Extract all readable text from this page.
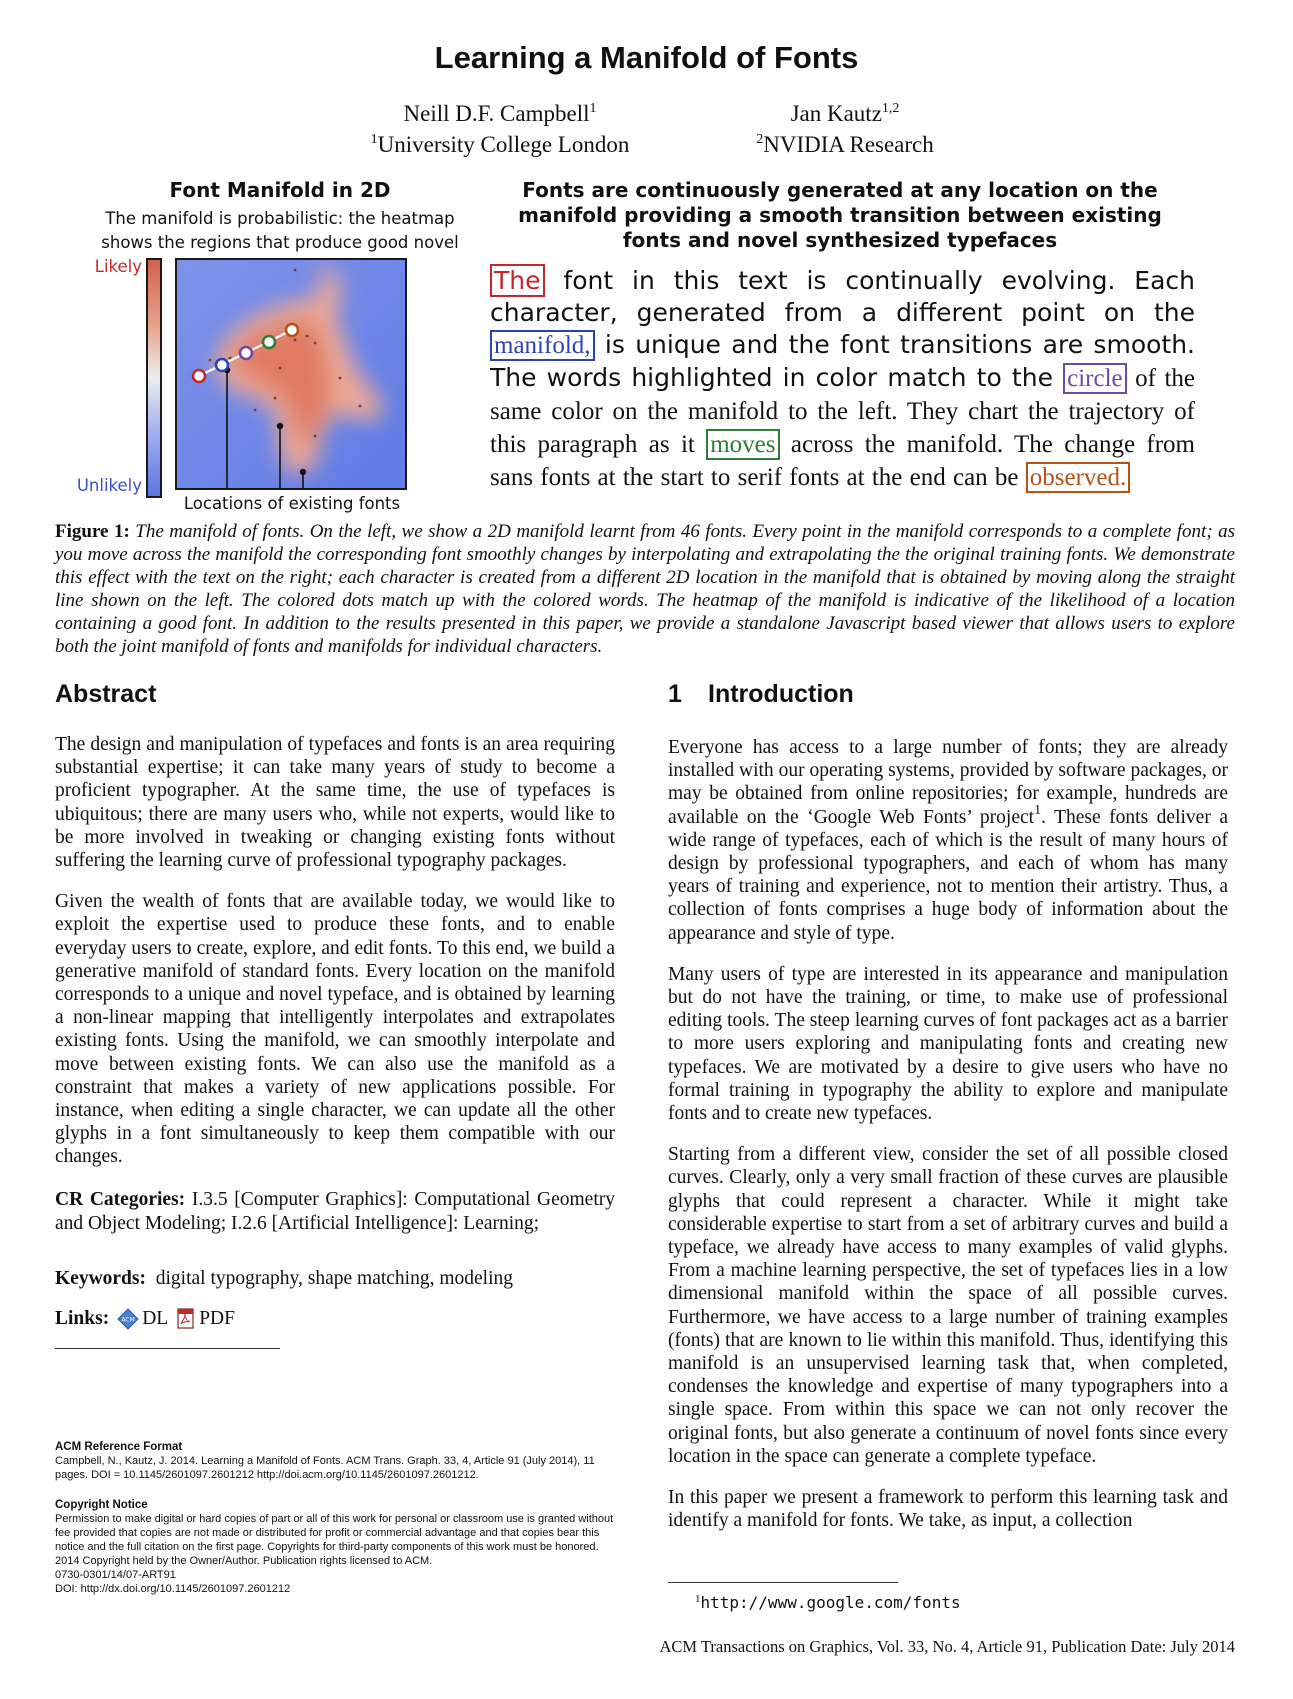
Learning a Manifold of Fonts
Neill D.F. Campbell$^1$
$^1$University College London
Jan Kautz$^{1,2}$
$^2$NVIDIA Research
Font Manifold in 2D
The manifold is probabilistic: the heatmap shows the regions that produce good novel
Likely
Unlikely
Locations of existing fonts
Fonts are continuously generated at any location on the manifold providing a smooth transition between existing fonts and novel synthesized typefaces
The font in this text is continually evolving. Each character, generated from a different point on the manifold, is unique and the font transitions are smooth. The words highlighted in color match to the circle of the same color on the manifold to the left. They chart the trajectory of this paragraph as it moves across the manifold. The change from sans fonts at the start to serif fonts at the end can be observed.
Figure 1: The manifold of fonts. On the left, we show a 2D manifold learnt from 46 fonts. Every point in the manifold corresponds to a complete font; as you move across the manifold the corresponding font smoothly changes by interpolating and extrapolating the the original training fonts. We demonstrate this effect with the text on the right; each character is created from a different 2D location in the manifold that is obtained by moving along the straight line shown on the left. The colored dots match up with the colored words. The heatmap of the manifold is indicative of the likelihood of a location containing a good font. In addition to the results presented in this paper, we provide a standalone Javascript based viewer that allows users to explore both the joint manifold of fonts and manifolds for individual characters.
Abstract

The design and manipulation of typefaces and fonts is an area requiring substantial expertise; it can take many years of study to become a proficient typographer. At the same time, the use of typefaces is ubiquitous; there are many users who, while not experts, would like to be more involved in tweaking or changing existing fonts without suffering the learning curve of professional typography packages.

Given the wealth of fonts that are available today, we would like to exploit the expertise used to produce these fonts, and to enable everyday users to create, explore, and edit fonts. To this end, we build a generative manifold of standard fonts. Every location on the manifold corresponds to a unique and novel typeface, and is obtained by learning a non-linear mapping that intelligently interpolates and extrapolates existing fonts. Using the manifold, we can smoothly interpolate and move between existing fonts. We can also use the manifold as a constraint that makes a variety of new applications possible. For instance, when editing a single character, we can update all the other glyphs in a font simultaneously to keep them compatible with our changes.

CR Categories: I.3.5 [Computer Graphics]: Computational Geometry and Object Modeling; I.2.6 [Artificial Intelligence]: Learning;
Keywords: digital typography, shape matching, modeling
Links: ACM DL PDF
ACM Reference Format
Campbell, N., Kautz, J. 2014. Learning a Manifold of Fonts. ACM Trans. Graph. 33, 4, Article 91 (July 2014), 11 pages. DOI = 10.1145/2601097.2601212 http://doi.acm.org/10.1145/2601097.2601212.
Copyright Notice
Permission to make digital or hard copies of part or all of this work for personal or classroom use is granted without fee provided that copies are not made or distributed for profit or commercial advantage and that copies bear this notice and the full citation on the first page. Copyrights for third-party components of this work must be honored.
2014 Copyright held by the Owner/Author. Publication rights licensed to ACM.
0730-0301/14/07-ART91
DOI: http://dx.doi.org/10.1145/2601097.2601212
1 Introduction

Everyone has access to a large number of fonts; they are already installed with our operating systems, provided by software packages, or may be obtained from online repositories; for example, hundreds are available on the ‘Google Web Fonts’ project$^1$. These fonts deliver a wide range of typefaces, each of which is the result of many hours of design by professional typographers, and each of whom has many years of training and experience, not to mention their artistry. Thus, a collection of fonts comprises a huge body of information about the appearance and style of type.

Many users of type are interested in its appearance and manipulation but do not have the training, or time, to make use of professional editing tools. The steep learning curves of font packages act as a barrier to more users exploring and manipulating fonts and creating new typefaces. We are motivated by a desire to give users who have no formal training in typography the ability to explore and manipulate fonts and to create new typefaces.

Starting from a different view, consider the set of all possible closed curves. Clearly, only a very small fraction of these curves are plausible glyphs that could represent a character. While it might take considerable expertise to start from a set of arbitrary curves and build a typeface, we already have access to many examples of valid glyphs. From a machine learning perspective, the set of typefaces lies in a low dimensional manifold within the space of all possible curves. Furthermore, we have access to a large number of training examples (fonts) that are known to lie within this manifold. Thus, identifying this manifold is an unsupervised learning task that, when completed, condenses the knowledge and expertise of many typographers into a single space. From within this space we can not only recover the original fonts, but also generate a continuum of novel fonts since every location in the space can generate a complete typeface.

In this paper we present a framework to perform this learning task and identify a manifold for fonts. We take, as input, a collection

$^1$http://www.google.com/fonts
ACM Transactions on Graphics, Vol. 33, No. 4, Article 91, Publication Date: July 2014
